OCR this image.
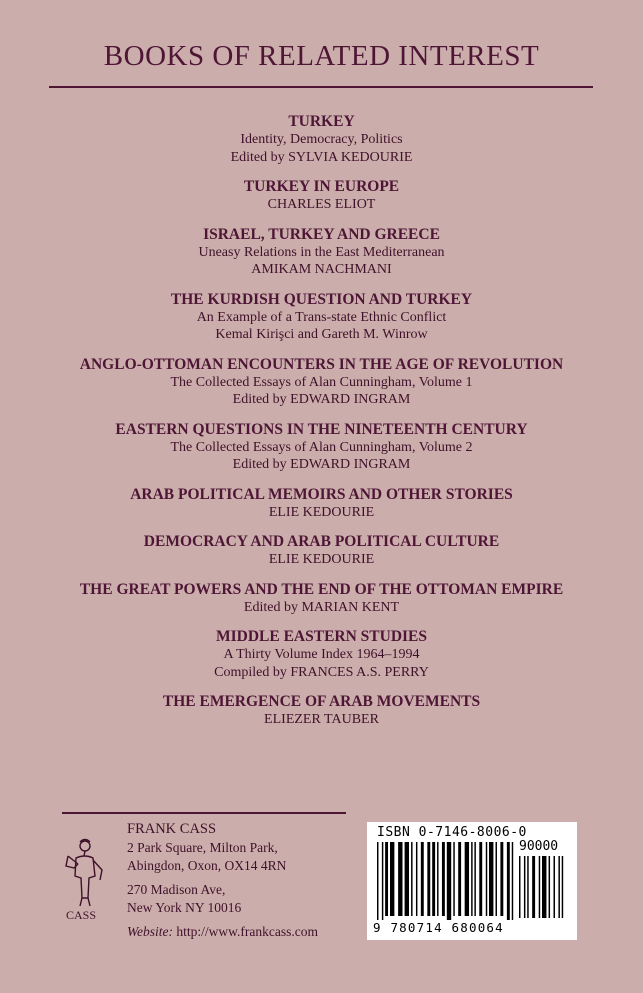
BOOKS OF RELATED INTEREST
TURKEY
Identity, Democracy, Politics
Edited by SYLVIA KEDOURIE
TURKEY IN EUROPE
CHARLES ELIOT
ISRAEL, TURKEY AND GREECE
Uneasy Relations in the East Mediterranean
AMIKAM NACHMANI
THE KURDISH QUESTION AND TURKEY
An Example of a Trans-state Ethnic Conflict
Kemal Kirişci and Gareth M. Winrow
ANGLO-OTTOMAN ENCOUNTERS IN THE AGE OF REVOLUTION
The Collected Essays of Alan Cunningham, Volume 1
Edited by EDWARD INGRAM
EASTERN QUESTIONS IN THE NINETEENTH CENTURY
The Collected Essays of Alan Cunningham, Volume 2
Edited by EDWARD INGRAM
ARAB POLITICAL MEMOIRS AND OTHER STORIES
ELIE KEDOURIE
DEMOCRACY AND ARAB POLITICAL CULTURE
ELIE KEDOURIE
THE GREAT POWERS AND THE END OF THE OTTOMAN EMPIRE
Edited by MARIAN KENT
MIDDLE EASTERN STUDIES
A Thirty Volume Index 1964–1994
Compiled by FRANCES A.S. PERRY
THE EMERGENCE OF ARAB MOVEMENTS
ELIEZER TAUBER
CASS
FRANK CASS
2 Park Square, Milton Park,
Abingdon, Oxon, OX14 4RN
270 Madison Ave,
New York NY 10016
Website: http://www.frankcass.com
ISBN 0-7146-8006-0
90000
9 780714 680064
